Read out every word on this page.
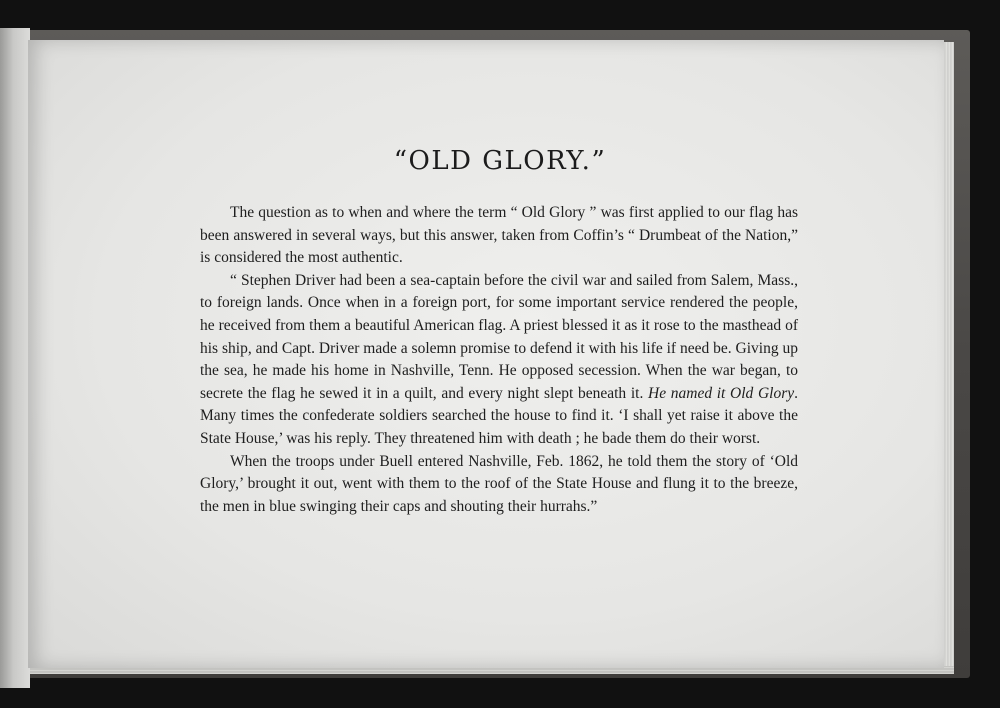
“OLD GLORY.”

The question as to when and where the term “ Old Glory ” was first applied to our flag has been answered in several ways, but this answer, taken from Coffin’s “ Drumbeat of the Nation,” is considered the most authentic.

“ Stephen Driver had been a sea-captain before the civil war and sailed from Salem, Mass., to foreign lands. Once when in a foreign port, for some important service rendered the people, he received from them a beautiful American flag. A priest blessed it as it rose to the masthead of his ship, and Capt. Driver made a solemn promise to defend it with his life if need be. Giving up the sea, he made his home in Nashville, Tenn. He opposed secession. When the war began, to secrete the flag he sewed it in a quilt, and every night slept beneath it. He named it Old Glory. Many times the confederate soldiers searched the house to find it. ‘I shall yet raise it above the State House,’ was his reply. They threatened him with death ; he bade them do their worst.

When the troops under Buell entered Nashville, Feb. 1862, he told them the story of ‘Old Glory,’ brought it out, went with them to the roof of the State House and flung it to the breeze, the men in blue swinging their caps and shouting their hurrahs.”
